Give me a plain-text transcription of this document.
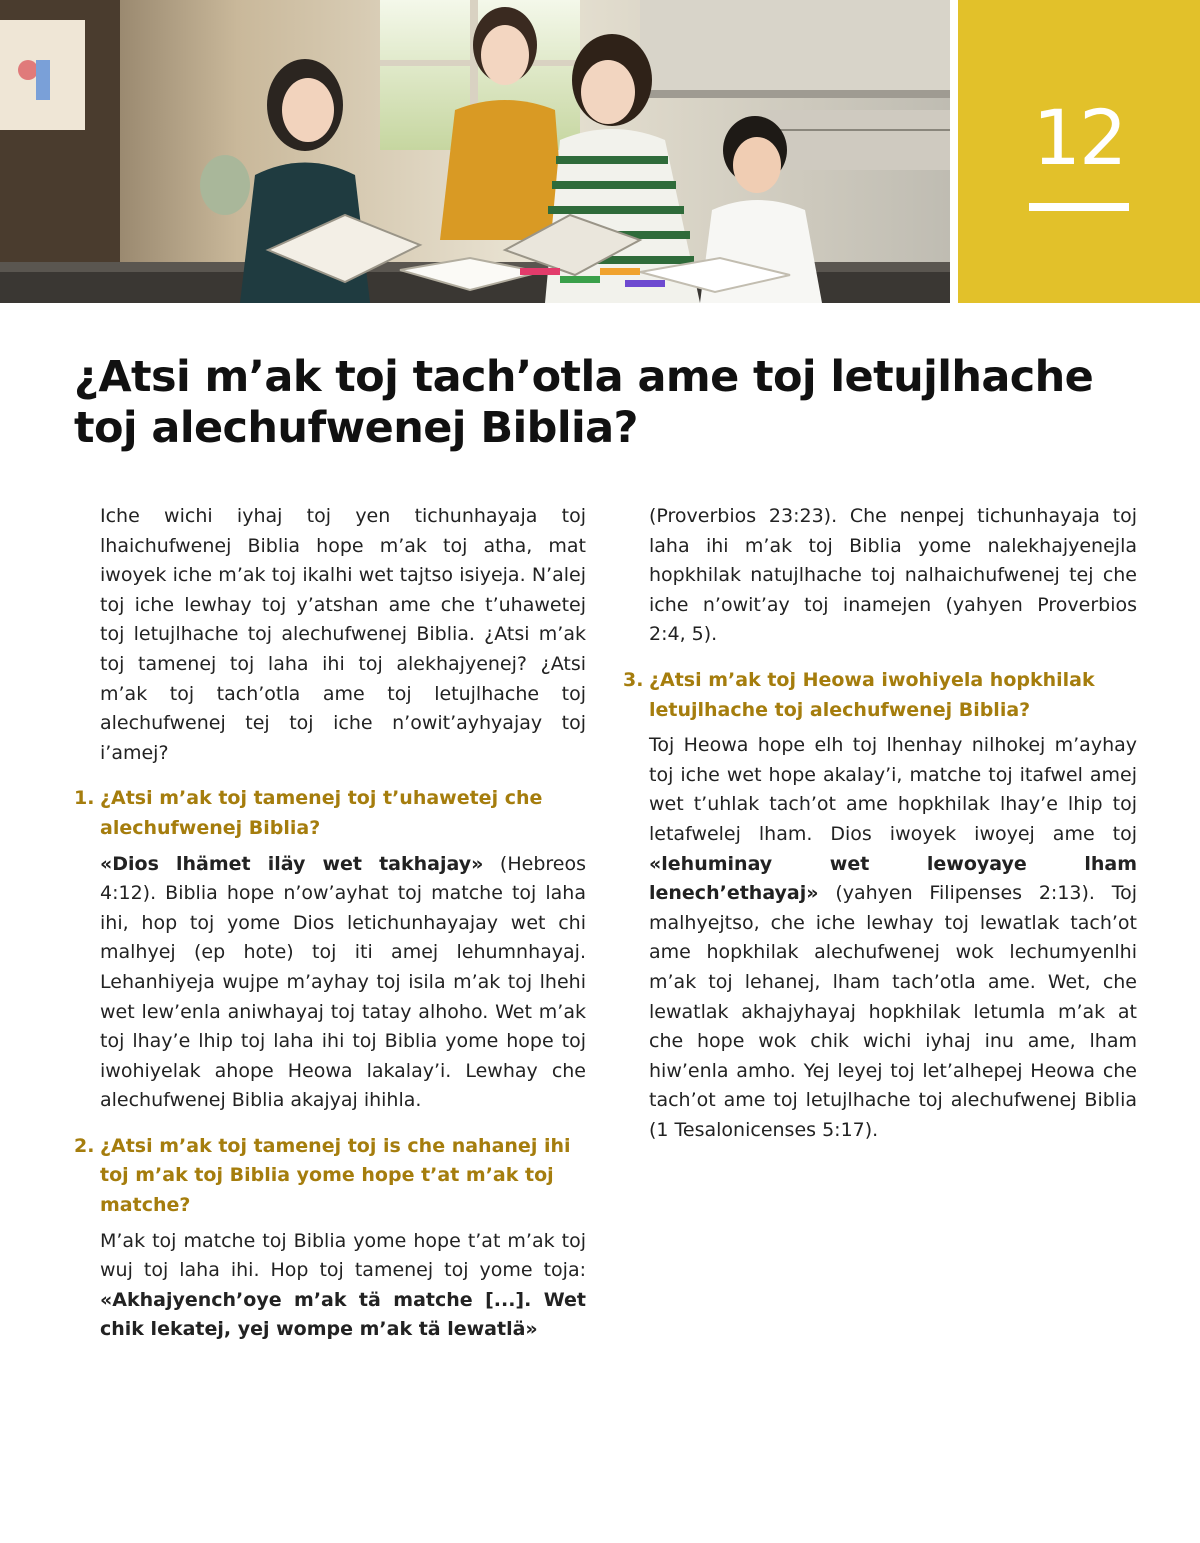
12
¿Atsi m’ak toj tach’otla ame toj letujlhache toj alechufwenej Biblia?

Iche wichi iyhaj toj yen tichunhayaja toj lhaichufwenej Biblia hope m’ak toj atha, mat iwoyek iche m’ak toj ikalhi wet tajtso isiyeja. N’alej toj iche lewhay toj y’atshan ame che t’uhawetej toj letujlhache toj alechufwenej Biblia. ¿Atsi m’ak toj tamenej toj laha ihi toj alekhajyenej? ¿Atsi m’ak toj tach’otla ame toj letujlhache toj alechufwenej tej toj iche n’owit’ayhyajay toj i’amej?

1. ¿Atsi m’ak toj tamenej toj t’uhawetej che alechufwenej Biblia?

«Dios lhämet iläy wet takhajay» (Hebreos 4:12). Biblia hope n’ow’ayhat toj matche toj laha ihi, hop toj yome Dios letichunhayajay wet chi malhyej (ep hote) toj iti amej lehumnhayaj. Lehanhiyeja wujpe m’ayhay toj isila m’ak toj lhehi wet lew’enla aniwhayaj toj tatay alhoho. Wet m’ak toj lhay’e lhip toj laha ihi toj Biblia yome hope toj iwohiyelak ahope Heowa lakalay’i. Lewhay che alechufwenej Biblia akajyaj ihihla.

2. ¿Atsi m’ak toj tamenej toj is che nahanej ihi toj m’ak toj Biblia yome hope t’at m’ak toj matche?

M’ak toj matche toj Biblia yome hope t’at m’ak toj wuj toj laha ihi. Hop toj tamenej toj yome toja: «Akhajyench’oye m’ak tä matche [...]. Wet chik lekatej, yej wompe m’ak tä lewatlä»

(Proverbios 23:23). Che nenpej tichunhayaja toj laha ihi m’ak toj Biblia yome nalekhajyenejla hopkhilak natujlhache toj nalhaichufwenej tej che iche n’owit’ay toj inamejen (yahyen Proverbios 2:4, 5).

3. ¿Atsi m’ak toj Heowa iwohiyela hopkhilak letujlhache toj alechufwenej Biblia?

Toj Heowa hope elh toj lhenhay nilhokej m’ayhay toj iche wet hope akalay’i, matche toj itafwel amej wet t’uhlak tach’ot ame hopkhilak lhay’e lhip toj letafwelej lham. Dios iwoyek iwoyej ame toj «lehuminay wet lewoyaye lham lenech’ethayaj» (yahyen Filipenses 2:13). Toj malhyejtso, che iche lewhay toj lewatlak tach’ot ame hopkhilak alechufwenej wok lechumyenlhi m’ak toj lehanej, lham tach’otla ame. Wet, che lewatlak akhajyhayaj hopkhilak letumla m’ak at che hope wok chik wichi iyhaj inu ame, lham hiw’enla amho. Yej leyej toj let’alhepej Heowa che tach’ot ame toj letujlhache toj alechufwenej Biblia (1 Tesalonicenses 5:17).
